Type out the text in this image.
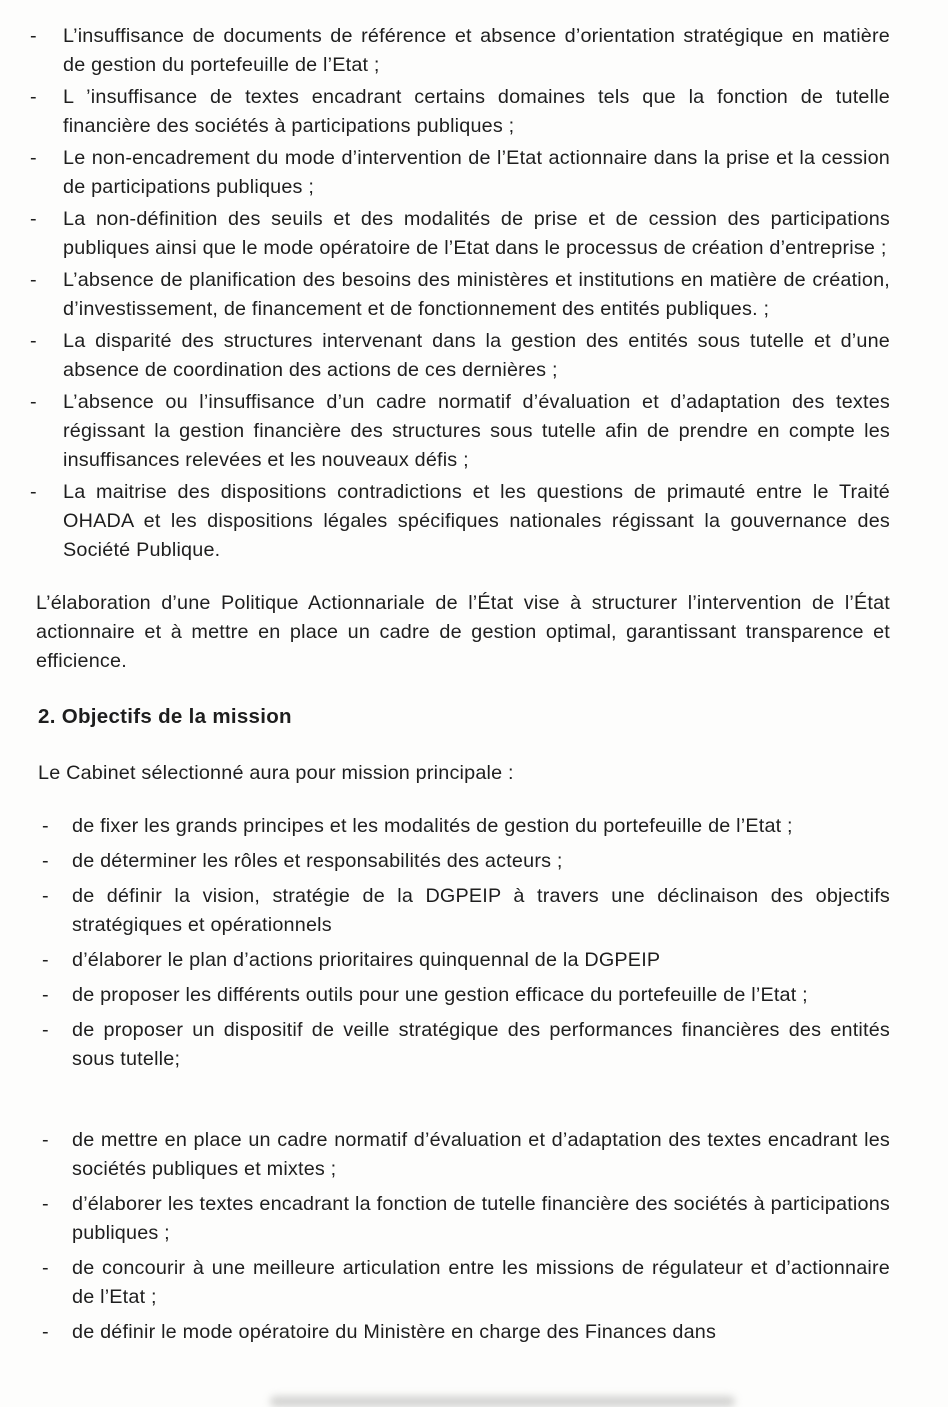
-	L’insuffisance de documents de référence et absence d’orientation stratégique en matière de gestion du portefeuille de l’Etat ;
-	L ’insuffisance de textes encadrant certains domaines tels que la fonction de tutelle financière des sociétés à participations publiques ;
-	Le non-encadrement du mode d’intervention de l’Etat actionnaire dans la prise et la cession de participations publiques ;
-	La non-définition des seuils et des modalités de prise et de cession des participations publiques ainsi que le mode opératoire de l’Etat dans le processus de création d’entreprise ;
-	L’absence de planification des besoins des ministères et institutions en matière de création, d’investissement, de financement et de fonctionnement des entités publiques. ;
-	La disparité des structures intervenant dans la gestion des entités sous tutelle et d’une absence de coordination des actions de ces dernières ;
-	L’absence ou l’insuffisance d’un cadre normatif d’évaluation et d’adaptation des textes régissant la gestion financière des structures sous tutelle afin de prendre en compte les insuffisances relevées et les nouveaux défis ;
-	La maitrise des dispositions contradictions et les questions de primauté entre le Traité OHADA et les dispositions légales spécifiques nationales régissant la gouvernance des Société Publique.

L’élaboration d’une Politique Actionnariale de l’État vise à structurer l’intervention de l’État actionnaire et à mettre en place un cadre de gestion optimal, garantissant transparence et efficience.

2. Objectifs de la mission

Le Cabinet sélectionné aura pour mission principale :

-	de fixer les grands principes et les modalités de gestion du portefeuille de l’Etat ;
-	de déterminer les rôles et responsabilités des acteurs ;
-	de définir la vision, stratégie de la DGPEIP à travers une déclinaison des objectifs stratégiques et opérationnels
-	d’élaborer le plan d’actions prioritaires quinquennal de la DGPEIP
-	de proposer les différents outils pour une gestion efficace du portefeuille de l’Etat ;
-	de proposer un dispositif de veille stratégique des performances financières des entités sous tutelle;
-	de mettre en place un cadre normatif d’évaluation et d’adaptation des textes encadrant les sociétés publiques et mixtes ;
-	d’élaborer les textes encadrant la fonction de tutelle financière des sociétés à participations publiques ;
-	de concourir à une meilleure articulation entre les missions de régulateur et d’actionnaire de l’Etat ;
-	de définir le mode opératoire du Ministère en charge des Finances dans
